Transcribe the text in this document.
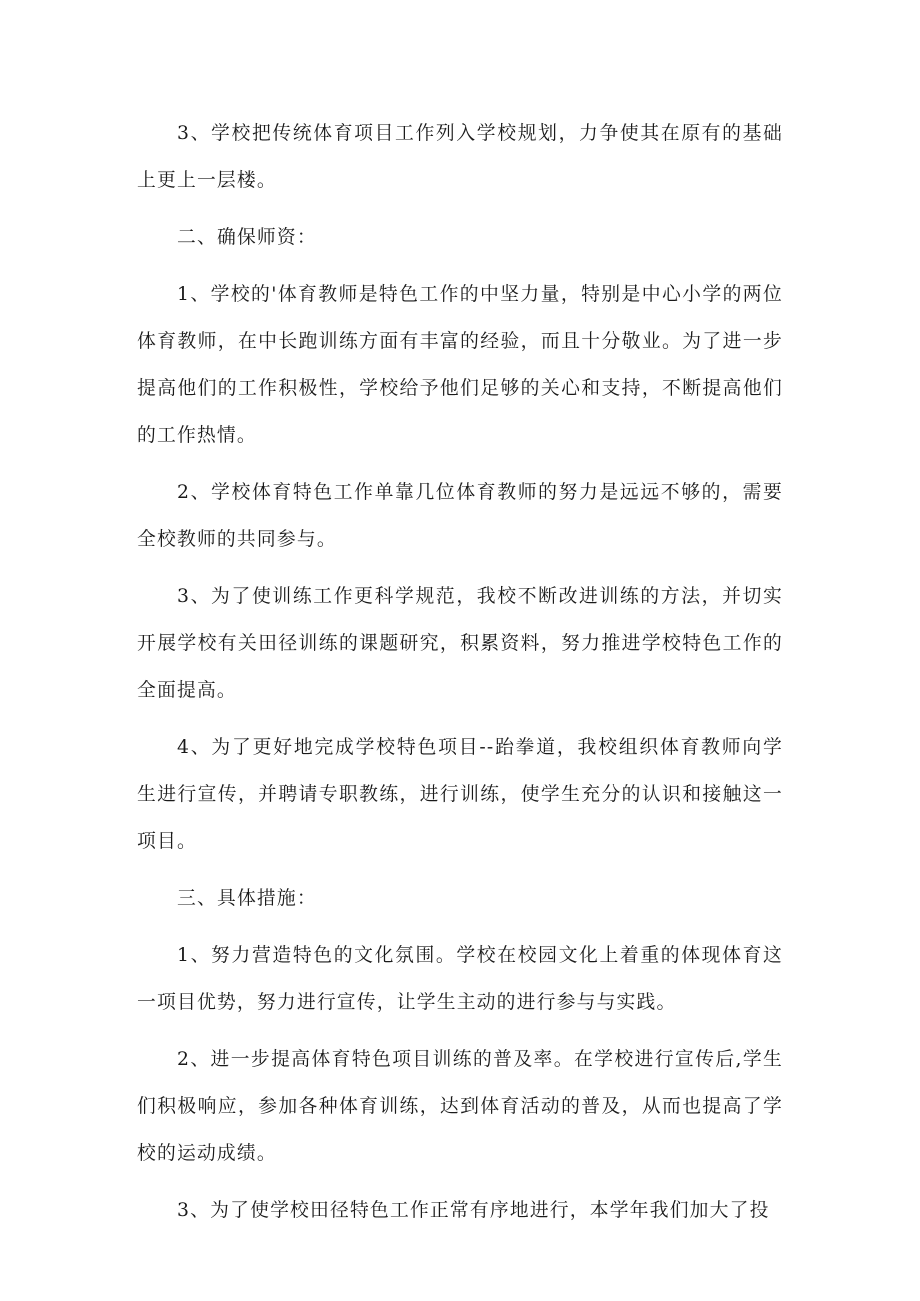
3、学校把传统体育项目工作列入学校规划，力争使其在原有的基础上更上一层楼。

二、确保师资：

1、学校的'体育教师是特色工作的中坚力量，特别是中心小学的两位体育教师，在中长跑训练方面有丰富的经验，而且十分敬业。为了进一步提高他们的工作积极性，学校给予他们足够的关心和支持，不断提高他们的工作热情。

2、学校体育特色工作单靠几位体育教师的努力是远远不够的，需要全校教师的共同参与。

3、为了使训练工作更科学规范，我校不断改进训练的方法，并切实开展学校有关田径训练的课题研究，积累资料，努力推进学校特色工作的全面提高。

4、为了更好地完成学校特色项目--跆拳道，我校组织体育教师向学生进行宣传，并聘请专职教练，进行训练，使学生充分的认识和接触这一项目。

三、具体措施：

1、努力营造特色的文化氛围。学校在校园文化上着重的体现体育这一项目优势，努力进行宣传，让学生主动的进行参与与实践。

2、进一步提高体育特色项目训练的普及率。在学校进行宣传后,学生们积极响应，参加各种体育训练，达到体育活动的普及，从而也提高了学校的运动成绩。

3、为了使学校田径特色工作正常有序地进行，本学年我们加大了投
